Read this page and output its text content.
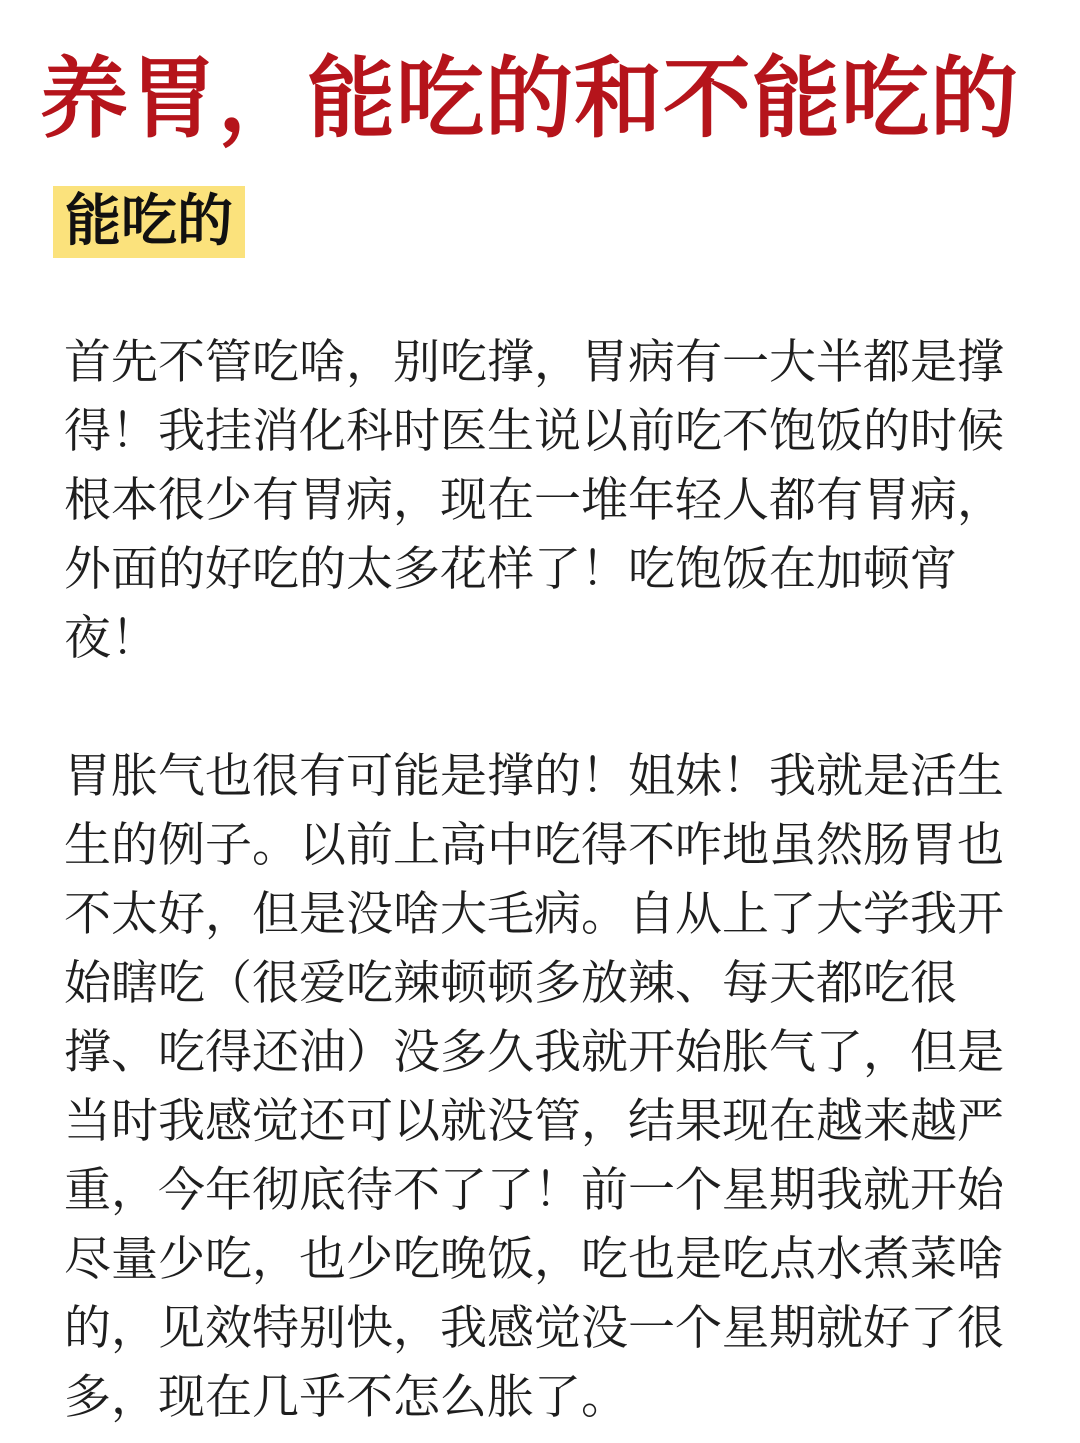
养胃，能吃的和不能吃的
能吃的
首先不管吃啥，别吃撑，胃病有一大半都是撑
得！我挂消化科时医生说以前吃不饱饭的时候
根本很少有胃病，现在一堆年轻人都有胃病，
外面的好吃的太多花样了！吃饱饭在加顿宵
夜！
胃胀气也很有可能是撑的！姐妹！我就是活生
生的例子。以前上高中吃得不咋地虽然肠胃也
不太好，但是没啥大毛病。自从上了大学我开
始瞎吃（很爱吃辣顿顿多放辣、每天都吃很
撑、吃得还油）没多久我就开始胀气了，但是
当时我感觉还可以就没管，结果现在越来越严
重，今年彻底待不了了！前一个星期我就开始
尽量少吃，也少吃晚饭，吃也是吃点水煮菜啥
的，见效特别快，我感觉没一个星期就好了很
多，现在几乎不怎么胀了。
